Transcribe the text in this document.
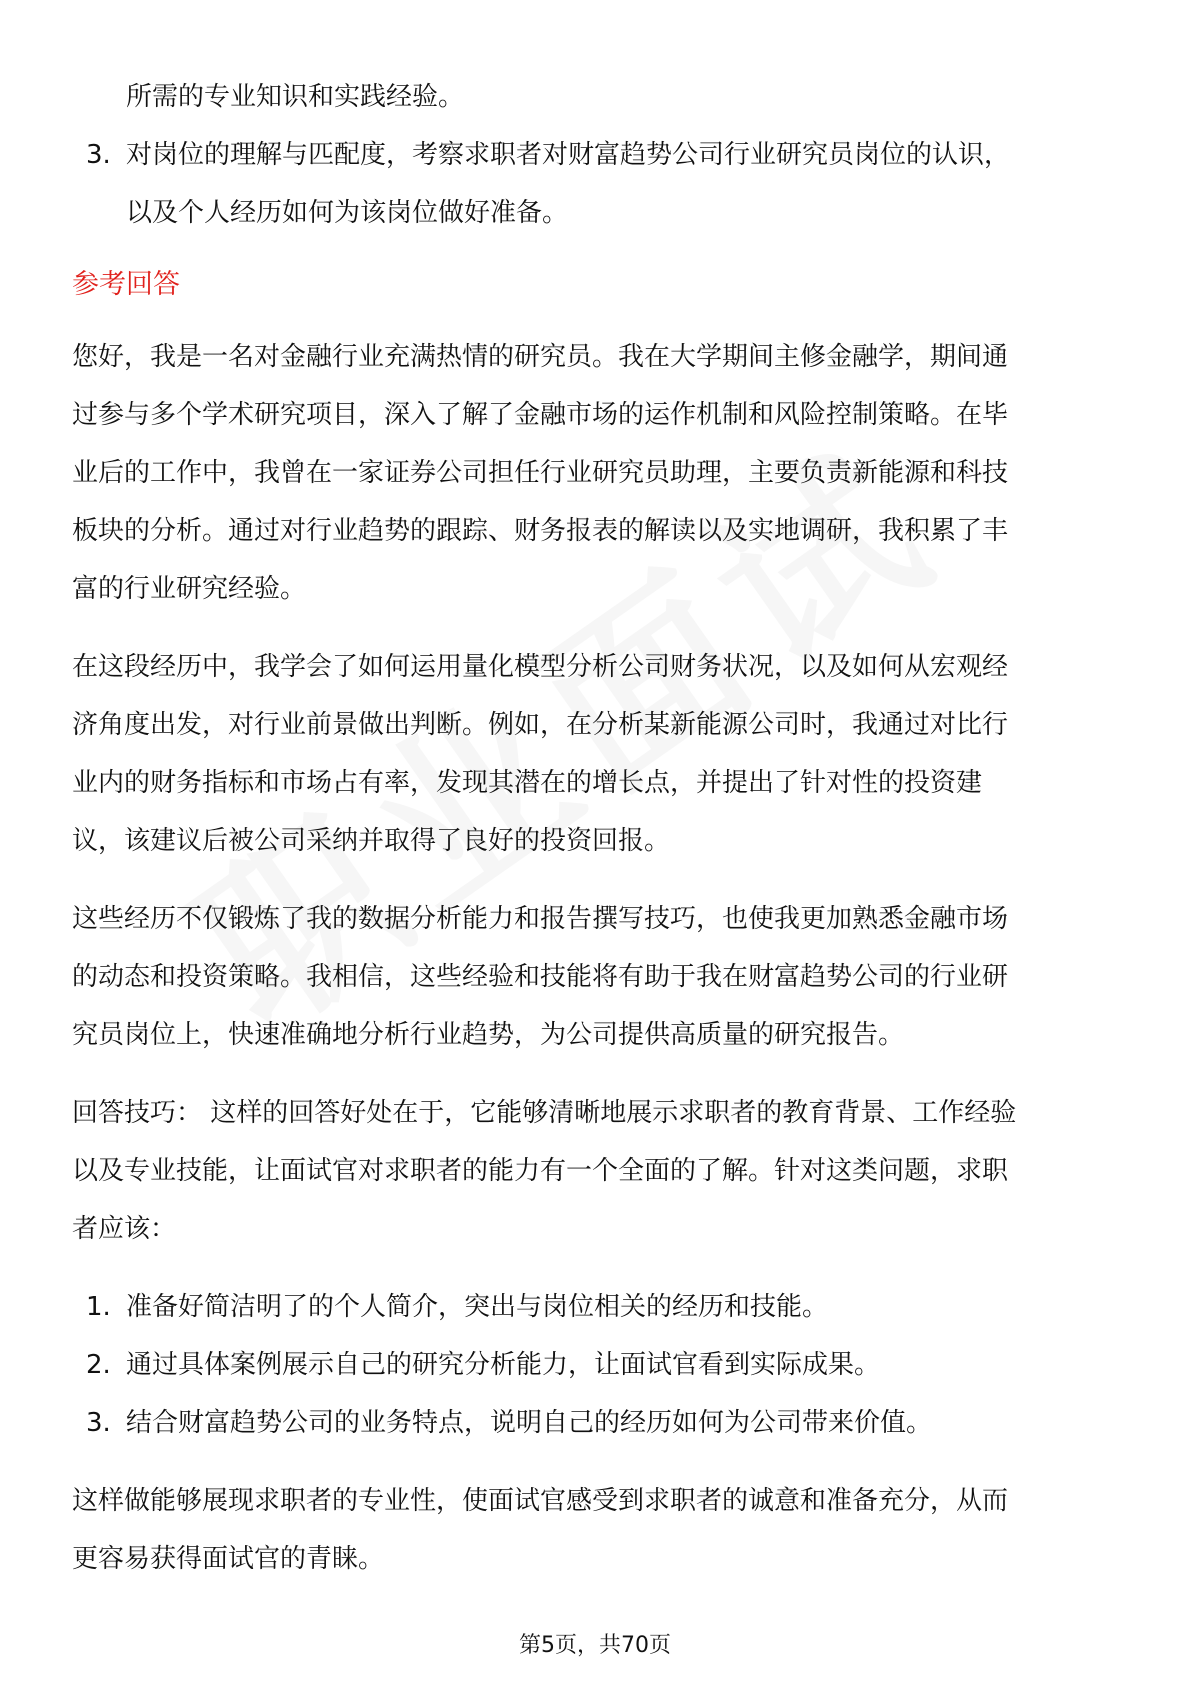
所需的专业知识和实践经验。
3. 对岗位的理解与匹配度，考察求职者对财富趋势公司行业研究员岗位的认识，
以及个人经历如何为该岗位做好准备。
参考回答
您好，我是一名对金融行业充满热情的研究员。我在大学期间主修金融学，期间通
过参与多个学术研究项目，深入了解了金融市场的运作机制和风险控制策略。在毕
业后的工作中，我曾在一家证券公司担任行业研究员助理，主要负责新能源和科技
板块的分析。通过对行业趋势的跟踪、财务报表的解读以及实地调研，我积累了丰
富的行业研究经验。
在这段经历中，我学会了如何运用量化模型分析公司财务状况，以及如何从宏观经
济角度出发，对行业前景做出判断。例如，在分析某新能源公司时，我通过对比行
业内的财务指标和市场占有率，发现其潜在的增长点，并提出了针对性的投资建
议，该建议后被公司采纳并取得了良好的投资回报。
这些经历不仅锻炼了我的数据分析能力和报告撰写技巧，也使我更加熟悉金融市场
的动态和投资策略。我相信，这些经验和技能将有助于我在财富趋势公司的行业研
究员岗位上，快速准确地分析行业趋势，为公司提供高质量的研究报告。
回答技巧： 这样的回答好处在于，它能够清晰地展示求职者的教育背景、工作经验
以及专业技能，让面试官对求职者的能力有一个全面的了解。针对这类问题，求职
者应该：
1. 准备好简洁明了的个人简介，突出与岗位相关的经历和技能。
2. 通过具体案例展示自己的研究分析能力，让面试官看到实际成果。
3. 结合财富趋势公司的业务特点，说明自己的经历如何为公司带来价值。
这样做能够展现求职者的专业性，使面试官感受到求职者的诚意和准备充分，从而
更容易获得面试官的青睐。
第5页，共70页
